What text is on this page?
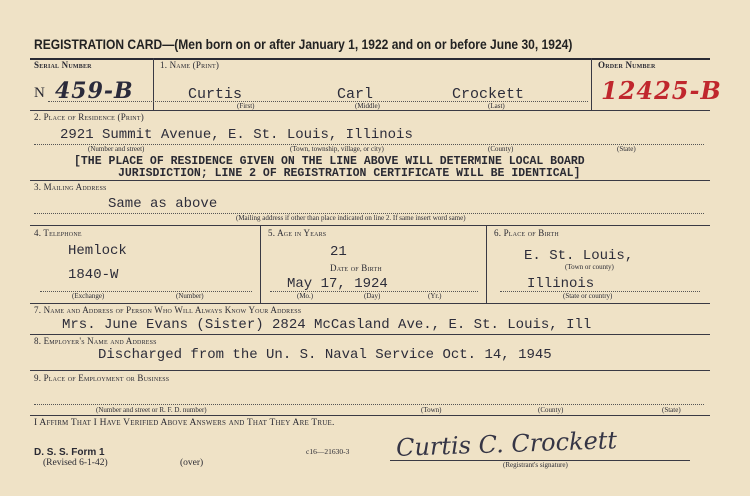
REGISTRATION CARD—(Men born on or after January 1, 1922 and on or before June 30, 1924)
Serial Number	1. Name (Print)	Order Number
N 459-B	Curtis	Carl	Crockett
(First)	(Middle)	(Last)
12425-B
2. Place of Residence (Print)
2921 Summit Avenue, E. St. Louis, Illinois
(Number and street)	(Town, township, village, or city)	(County)	(State)
[THE PLACE OF RESIDENCE GIVEN ON THE LINE ABOVE WILL DETERMINE LOCAL BOARD
JURISDICTION; LINE 2 OF REGISTRATION CERTIFICATE WILL BE IDENTICAL]
3. Mailing Address
Same as above
(Mailing address if other than place indicated on line 2. If same insert word same)
4. Telephone
Hemlock
1840-W
(Exchange)	(Number)
5. Age in Years
21
Date of Birth
May 17, 1924
(Mo.)	(Day)	(Yr.)
6. Place of Birth
E. St. Louis,
(Town or county)
Illinois
(State or country)
7. Name and Address of Person Who Will Always Know Your Address
Mrs. June Evans (Sister) 2824 McCasland Ave., E. St. Louis, Ill
8. Employer's Name and Address
Discharged from the Un. S. Naval Service Oct. 14, 1945
9. Place of Employment or Business
(Number and street or R. F. D. number)	(Town)	(County)	(State)
I Affirm That I Have Verified Above Answers and That They Are True.
D. S. S. Form 1
(Revised 6-1-42)	(over)
c16—21630-3 Curtis C. Crockett
(Registrant's signature)
